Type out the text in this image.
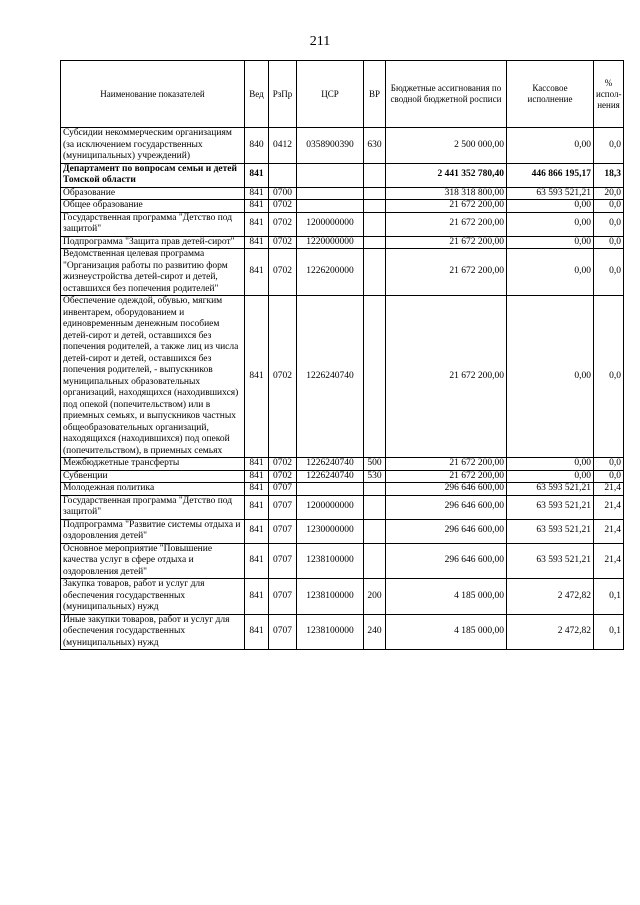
211
Наименование показателей	Вед	РзПр	ЦСР	ВР	Бюджетные ассигнования по сводной бюджетной росписи	Кассовое исполнение	% испол-нения
Субсидии некоммерческим организациям (за исключением государственных (муниципальных) учреждений)	840	0412	0358900390	630	2 500 000,00	0,00	0,0
Департамент по вопросам семьи и детей Томской области	841				2 441 352 780,40	446 866 195,17	18,3
Образование	841	0700			318 318 800,00	63 593 521,21	20,0
Общее образование	841	0702			21 672 200,00	0,00	0,0
Государственная программа "Детство под защитой"	841	0702	1200000000		21 672 200,00	0,00	0,0
Подпрограмма "Защита прав детей-сирот"	841	0702	1220000000		21 672 200,00	0,00	0,0
Ведомственная целевая программа "Организация работы по развитию форм жизнеустройства детей-сирот и детей, оставшихся без попечения родителей"	841	0702	1226200000		21 672 200,00	0,00	0,0
Обеспечение одеждой, обувью, мягким инвентарем, оборудованием и единовременным денежным пособием детей-сирот и детей, оставшихся без попечения родителей, а также лиц из числа детей-сирот и детей, оставшихся без попечения родителей, - выпускников муниципальных образовательных организаций, находящихся (находившихся) под опекой (попечительством) или в приемных семьях, и выпускников частных общеобразовательных организаций, находящихся (находившихся) под опекой (попечительством), в приемных семьях	841	0702	1226240740		21 672 200,00	0,00	0,0
Межбюджетные трансферты	841	0702	1226240740	500	21 672 200,00	0,00	0,0
Субвенции	841	0702	1226240740	530	21 672 200,00	0,00	0,0
Молодежная политика	841	0707			296 646 600,00	63 593 521,21	21,4
Государственная программа "Детство под защитой"	841	0707	1200000000		296 646 600,00	63 593 521,21	21,4
Подпрограмма "Развитие системы отдыха и оздоровления детей"	841	0707	1230000000		296 646 600,00	63 593 521,21	21,4
Основное мероприятие "Повышение качества услуг в сфере отдыха и оздоровления детей"	841	0707	1238100000		296 646 600,00	63 593 521,21	21,4
Закупка товаров, работ и услуг для обеспечения государственных (муниципальных) нужд	841	0707	1238100000	200	4 185 000,00	2 472,82	0,1
Иные закупки товаров, работ и услуг для обеспечения государственных (муниципальных) нужд	841	0707	1238100000	240	4 185 000,00	2 472,82	0,1
